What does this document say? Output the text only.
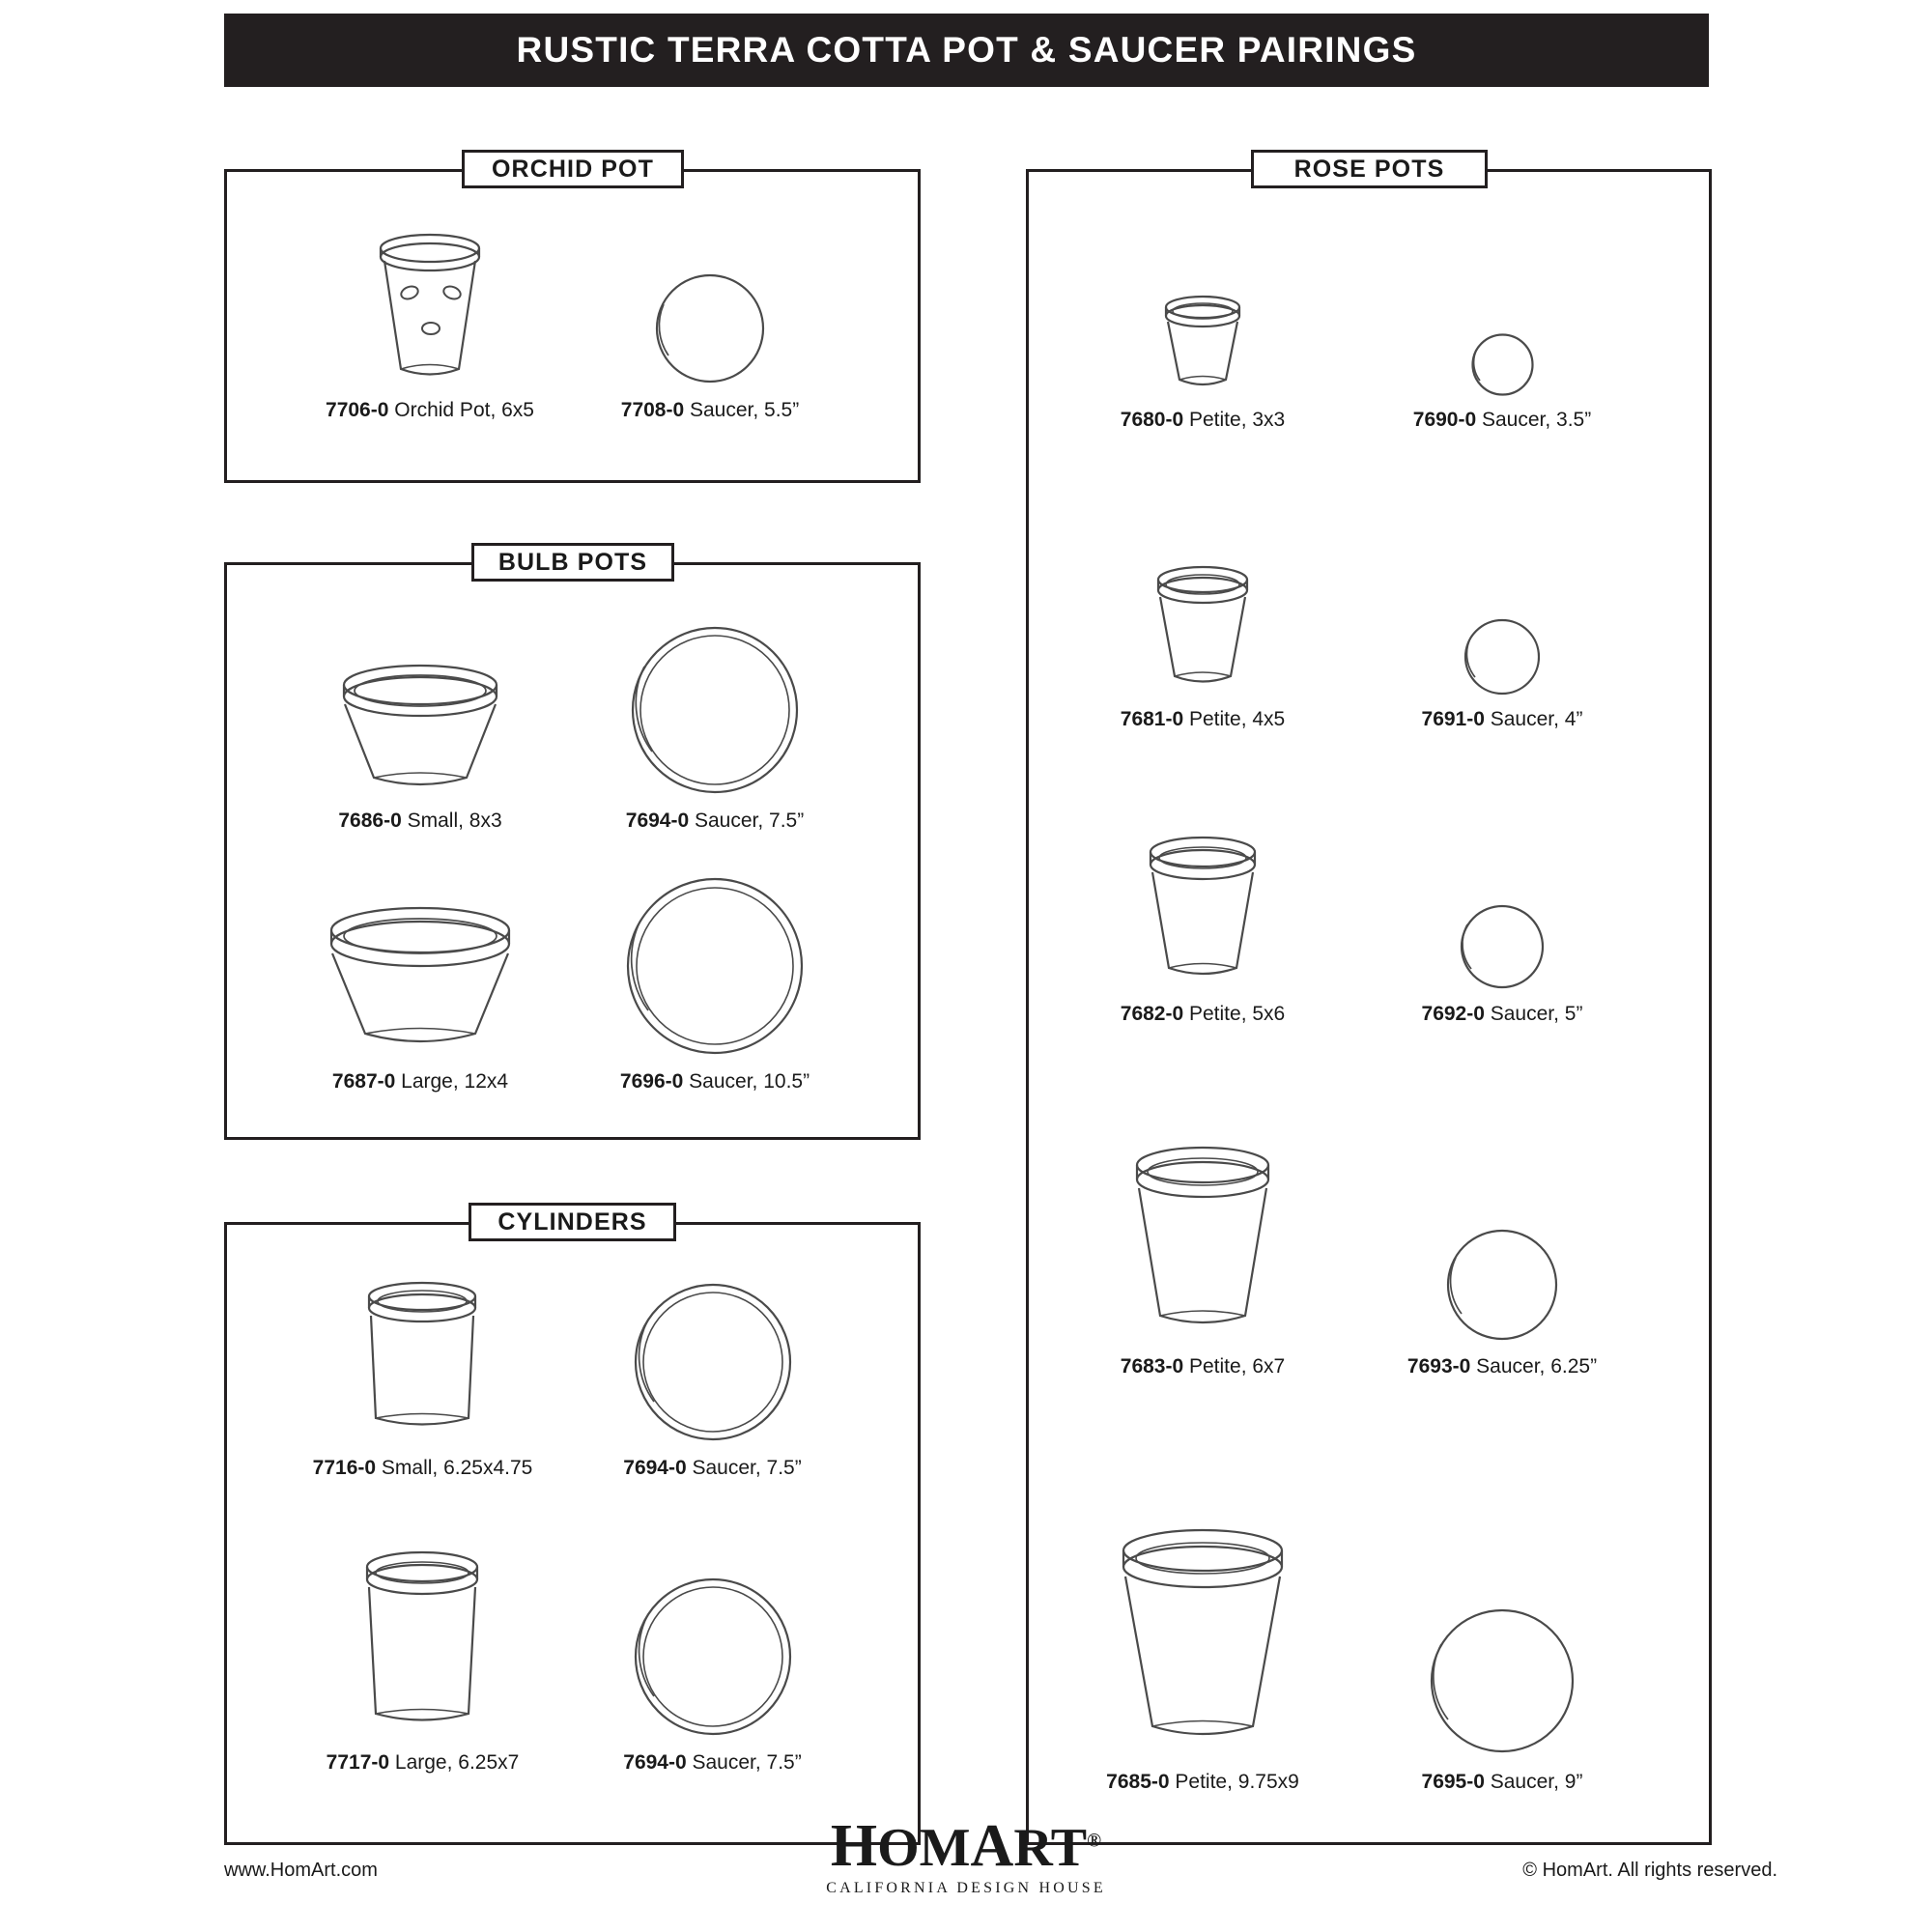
RUSTIC TERRA COTTA POT & SAUCER PAIRINGS
ORCHID POT
7706-0 Orchid Pot, 6x5	7708-0 Saucer, 5.5”
BULB POTS
7686-0 Small, 8x3	7694-0 Saucer, 7.5”
7687-0 Large, 12x4	7696-0 Saucer, 10.5”
CYLINDERS
7716-0 Small, 6.25x4.75	7694-0 Saucer, 7.5”
7717-0 Large, 6.25x7	7694-0 Saucer, 7.5”
ROSE POTS
7680-0 Petite, 3x3	7690-0 Saucer, 3.5”
7681-0 Petite, 4x5	7691-0 Saucer, 4”
7682-0 Petite, 5x6	7692-0 Saucer, 5”
7683-0 Petite, 6x7	7693-0 Saucer, 6.25”
7685-0 Petite, 9.75x9	7695-0 Saucer, 9”
www.HomArt.com	HOMART®
CALIFORNIA DESIGN HOUSE
© HomArt. All rights reserved.
